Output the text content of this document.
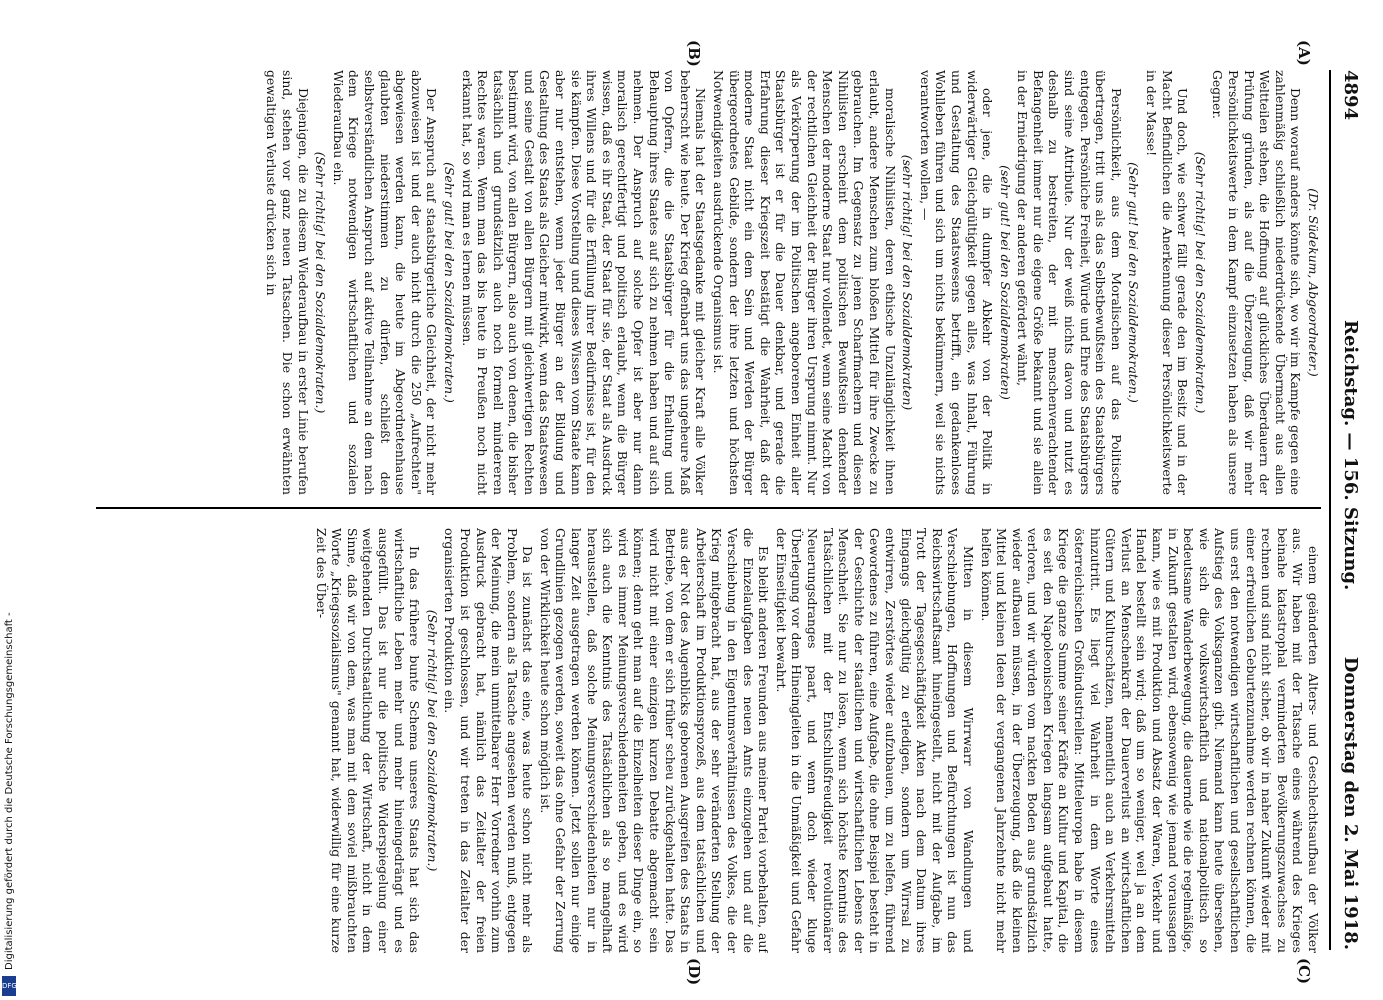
4894
Reichstag. — 156. Sitzung.
Donnerstag den 2. Mai 1918.
(A)
(B)
(C)
(D)

(Dr. Südekum, Abgeordneter.)

Denn worauf anders könnte sich, wo wir im Kampfe gegen eine zahlenmäßig schließlich niederdrückende Übermacht aus allen Weltteilen stehen, die Hoffnung auf glückliches Überdauern der Prüfung gründen, als auf die Überzeugung, daß wir mehr Persönlichkeitswerte in dem Kampf einzusetzen haben als unsere Gegner.

(Sehr richtig! bei den Sozialdemokraten.)

Und doch, wie schwer fällt gerade den im Besitz und in der Macht Befindlichen die Anerkennung dieser Persönlichkeitswerte in der Masse!

(Sehr gut! bei den Sozialdemokraten.)

Persönlichkeit, aus dem Moralischen auf das Politische übertragen, tritt uns als das Selbstbewußtsein des Staatsbürgers entgegen. Persönliche Freiheit, Würde und Ehre des Staatsbürgers sind seine Attribute. Nur der weiß nichts davon und nutzt es deshalb zu bestreiten, der mit menschenverachtender Befangenheit immer nur die eigene Größe bekannt und sie allein in der Erniedrigung der anderen gefördert wähnt,

(sehr gut! bei den Sozialdemokraten)

oder jene, die in dumpfer Abkehr von der Politik in widerwärtiger Gleichgültigkeit gegen alles, was Inhalt, Führung und Gestaltung des Staatswesens betrifft, ein gedankenloses Wohlleben führen und sich um nichts bekümmern, weil sie nichts verantworten wollen, —

(sehr richtig! bei den Sozialdemokraten)

moralische Nihilisten, deren ethische Unzulänglichkeit ihnen erlaubt, andere Menschen zum bloßen Mittel für ihre Zwecke zu gebrauchen. Im Gegensatz zu jenen Scharfmachern und diesen Nihilisten erscheint dem politischen Bewußtsein denkender Menschen der moderne Staat nur vollendet, wenn seine Macht von der rechtlichen Gleichheit der Bürger ihren Ursprung nimmt. Nur als Verkörperung der im Politischen angeborenen Einheit aller Staatsbürger ist er für die Dauer denkbar, und gerade die Erfahrung dieser Kriegszeit bestätigt die Wahrheit, daß der moderne Staat nicht ein dem Sein und Werden der Bürger übergeordnetes Gebilde, sondern der ihre letzten und höchsten Notwendigkeiten ausdrückende Organismus ist.

Niemals hat der Staatsgedanke mit gleicher Kraft alle Völker beherrscht wie heute. Der Krieg offenbart uns das ungeheure Maß von Opfern, die die Staatsbürger für die Erhaltung und Behauptung ihres Staates auf sich zu nehmen haben und auf sich nehmen. Der Anspruch auf solche Opfer ist aber nur dann moralisch gerechtfertigt und politisch erlaubt, wenn die Bürger wissen, daß es ihr Staat, der Staat für sie, der Staat als Ausdruck ihres Willens und für die Erfüllung ihrer Bedürfnisse ist, für den sie kämpfen. Diese Vorstellung und dieses Wissen vom Staate kann aber nur entstehen, wenn jeder Bürger an der Bildung und Gestaltung des Staats als Gleicher mitwirkt, wenn das Staatswesen und seine Gestalt von allen Bürgern mit gleichwertigen Rechten bestimmt wird, von allen Bürgern, also auch von denen, die bisher tatsächlich und grundsätzlich auch noch formell mindereren Rechtes waren. Wenn man das bis heute in Preußen noch nicht erkannt hat, so wird man es lernen müssen.

(Sehr gut! bei den Sozialdemokraten.)

Der Anspruch auf staatsbürgerliche Gleichheit, der nicht mehr abzuweisen ist und der auch nicht durch die 250 „Aufrechten" abgewiesen werden kann, die heute im Abgeordnetenhause glaubten niederstimmen zu dürfen, schließt den selbstverständlichen Anspruch auf aktive Teilnahme an dem nach dem Kriege notwendigen wirtschaftlichen und sozialen Wiederaufbau ein.

(Sehr richtig! bei den Sozialdemokraten.)

Diejenigen, die zu diesem Wiederaufbau in erster Linie berufen sind, stehen vor ganz neuen Tatsachen. Die schon erwähnten gewaltigen Verluste drücken sich in

einem geänderten Alters- und Geschlechtsaufbau der Völker aus. Wir haben mit der Tatsache eines während des Krieges beinahe katastrophal verminderten Bevölkerungszuwachses zu rechnen und sind nicht sicher, ob wir in naher Zukunft wieder mit einer erfreulichen Geburtenzunahme werden rechnen können, die uns erst den notwendigen wirtschaftlichen und gesellschaftlichen Aufstieg des Volksganzen gibt. Niemand kann heute übersehen, wie sich die volkswirtschaftlich und nationalpolitisch so bedeutsame Wanderbewegung, die dauernde wie die regelmäßige, in Zukunft gestalten wird, ebensowenig wie jemand voraussagen kann, wie es mit Produktion und Absatz der Waren, Verkehr und Handel bestellt sein wird; daß um so weniger, weil ja an dem Verlust an Menschenkraft der Dauerverlust an wirtschaftlichen Gütern und Kulturschätzen, namentlich auch an Verkehrsmitteln hinzutritt. Es liegt viel Wahrheit in dem Worte eines österreichischen Großindustriellen: Mitteleuropa habe in diesem Kriege die ganze Summe seiner Kräfte an Kultur und Kapital, die es seit den Napoleonischen Kriegen langsam aufgebaut hatte, verloren, und wir würden vom nackten Boden aus grundsätzlich wieder aufbauen müssen, in der Überzeugung, daß die kleinen Mittel und kleinen Ideen der vergangenen Jahrzehnte nicht mehr helfen können.

Mitten in diesem Wirrwarr von Wandlungen und Verschiebungen, Hoffnungen und Befürchtungen ist nun das Reichswirtschaftsamt hineingestellt, nicht mit der Aufgabe, im Trott der Tagesgeschäftigkeit Akten nach dem Datum ihres Eingangs gleichgültig zu erledigen, sondern um Wirrsal zu entwirren, Zerstörtes wieder aufzubauen, um zu helfen, führend Gewordenes zu führen, eine Aufgabe, die ohne Beispiel besteht in der Geschichte der staatlichen und wirtschaftlichen Lebens der Menschheit. Sie nur zu lösen, wenn sich höchste Kenntnis des Tatsächlichen mit der Entschlußfreudigkeit revolutionärer Neuerungsdranges paart, und wenn doch wieder kluge Überlegung vor dem Hineingleiten in die Unmäßigkeit und Gefahr der Einseitigkeit bewahrt.

Es bleibt anderen Freunden aus meiner Partei vorbehalten, auf die Einzelaufgaben des neuen Amts einzugehen und auf die Verschiebung in den Eigentumsverhältnissen des Volkes, die der Krieg mitgebracht hat, aus der sehr veränderten Stellung der Arbeiterschaft im Produktionsprozeß, aus dem tatsächlichen und aus der Not des Augenblicks geborenen Ausgreifen des Staats in Betriebe, von dem er sich früher scheu zurückgehalten hatte. Das wird nicht mit einer einzigen kurzen Debatte abgemacht sein können; denn geht man auf die Einzelheiten dieser Dinge ein, so wird es immer Meinungsverschiedenheiten geben, und es wird sich auch die Kenntnis des Tatsächlichen als so mangelhaft herausstellen, daß solche Meinungsverschiedenheiten nur in langer Zeit ausgetragen werden können. Jetzt sollen nur einige Grundlinien gezogen werden, soweit das ohne Gefahr der Zerrung von der Wirklichkeit heute schon möglich ist.

Da ist zunächst das eine, was heute schon nicht mehr als Problem, sondern als Tatsache angesehen werden muß, entgegen der Meinung, die mein unmittelbarer Herr Vorredner vorhin zum Ausdruck gebracht hat, nämlich das Zeitalter der freien Produktion ist geschlossen, und wir treten in das Zeitalter der organisierten Produktion ein.

(Sehr richtig! bei den Sozialdemokraten.)

In das frühere bunte Schema unseres Staats hat sich das wirtschaftliche Leben mehr und mehr hineingedrängt und es ausgefüllt. Das ist nur die politische Widerspiegelung einer weitgehenden Durchstaatlichung der Wirtschaft, nicht in dem Sinne, daß wir von dem, was man mit dem soviel mißbrauchten Worte „Kriegssozialismus" genannt hat, widerwillig für eine kurze Zeit des Über-

Digitalisierung gefördert durch die Deutsche Forschungsgemeinschaft -
DFG
